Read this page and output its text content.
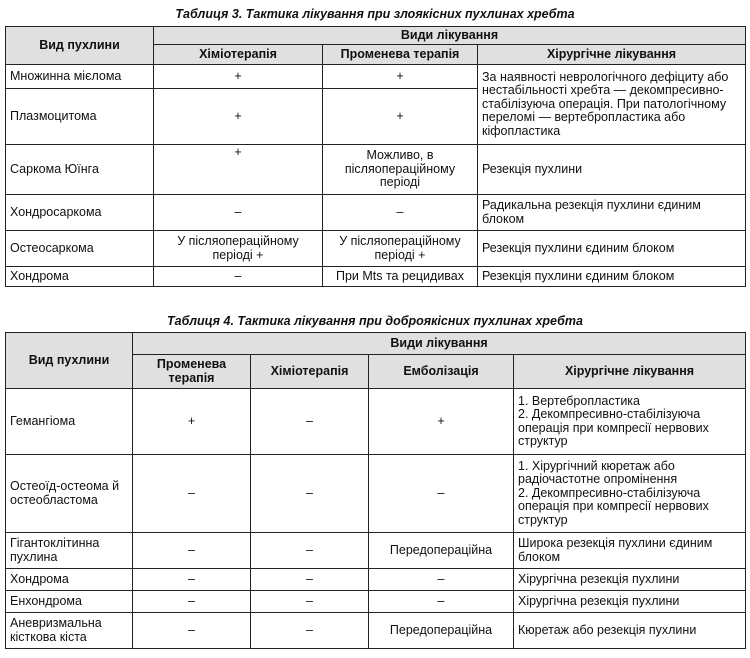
Таблиця 3. Тактика лікування при злоякісних пухлинах хребта
Вид пухлини	Види лікування		
	Хіміотерапія	Променева терапія	Хірургічне лікування
Множинна мієлома	+	+	За наявності неврологічного дефіциту або нестабільності хребта — декомпресивно-стабілізуюча операція. При патологічному переломі — вертебропластика або кіфопластика
Плазмоцитома	+	+	
Саркома Юїнга	+	Можливо, в післяопераційному періоді	Резекція пухлини
Хондросаркома	–	–	Радикальна резекція пухлини єдиним блоком
Остеосаркома	У післяопераційному періоді +	У післяопераційному періоді +	Резекція пухлини єдиним блоком
Хондрома	–	При Mts та рецидивах	Резекція пухлини єдиним блоком
Таблиця 4. Тактика лікування при доброякісних пухлинах хребта
Вид пухлини	Види лікування			
	Променева терапія	Хіміотерапія	Емболізація	Хірургічне лікування
Гемангіома	+	–	+	1. Вертебропластика
2. Декомпресивно-стабілізуюча операція при компресії нервових структур
Остеоїд-остеома й остеобластома	–	–	–	1. Хірургічний кюретаж або радіочастотне опромінення
2. Декомпресивно-стабілізуюча операція при компресії нервових структур
Гігантоклітинна пухлина	–	–	Передопераційна	Широка резекція пухлини єдиним блоком
Хондрома	–	–	–	Хірургічна резекція пухлини
Енхондрома	–	–	–	Хірургічна резекція пухлини
Аневризмальна кісткова кіста	–	–	Передопераційна	Кюретаж або резекція пухлини
